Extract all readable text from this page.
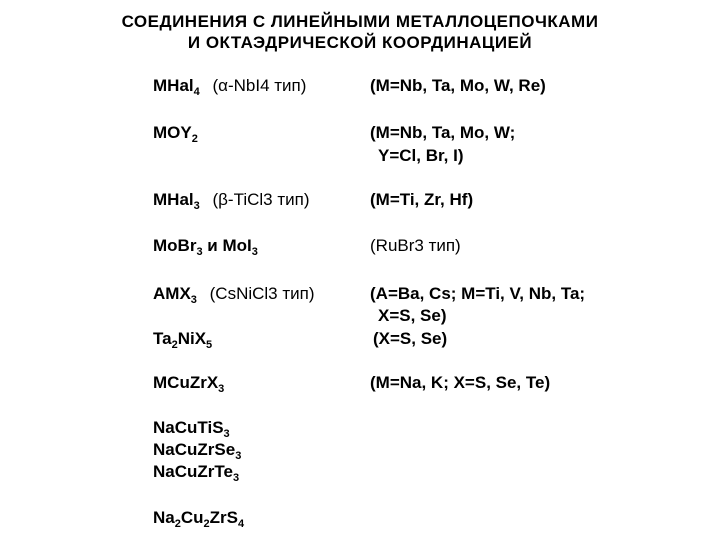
СОЕДИНЕНИЯ С ЛИНЕЙНЫМИ МЕТАЛЛОЦЕПОЧКАМИ
И ОКТАЭДРИЧЕСКОЙ КООРДИНАЦИЕЙ
MHal$_4$ (α-NbI4 тип)	(M=Nb, Ta, Mo, W, Re)
$MOY_2$	(M=Nb, Ta, Mo, W;
Y=Cl, Br, I)
MHal$_3$ (β-TiCl3 тип)	(M=Ti, Zr, Hf)
MoBr$_3$ и MoI$_3$	(RuBr3 тип)
$AMX_3$ (CsNiCl3 тип)	(A=Ba, Cs; M=Ti, V, Nb, Ta;
X=S, Se)
$Ta_2NiX_5$	(X=S, Se)
MCuZrX$_3$	(M=Na, K; X=S, Se, Te)
NaCuTiS$_3$
NaCuZrSe$_3$
NaCuZrTe$_3$
$Na_2Cu_2ZrS_4$
